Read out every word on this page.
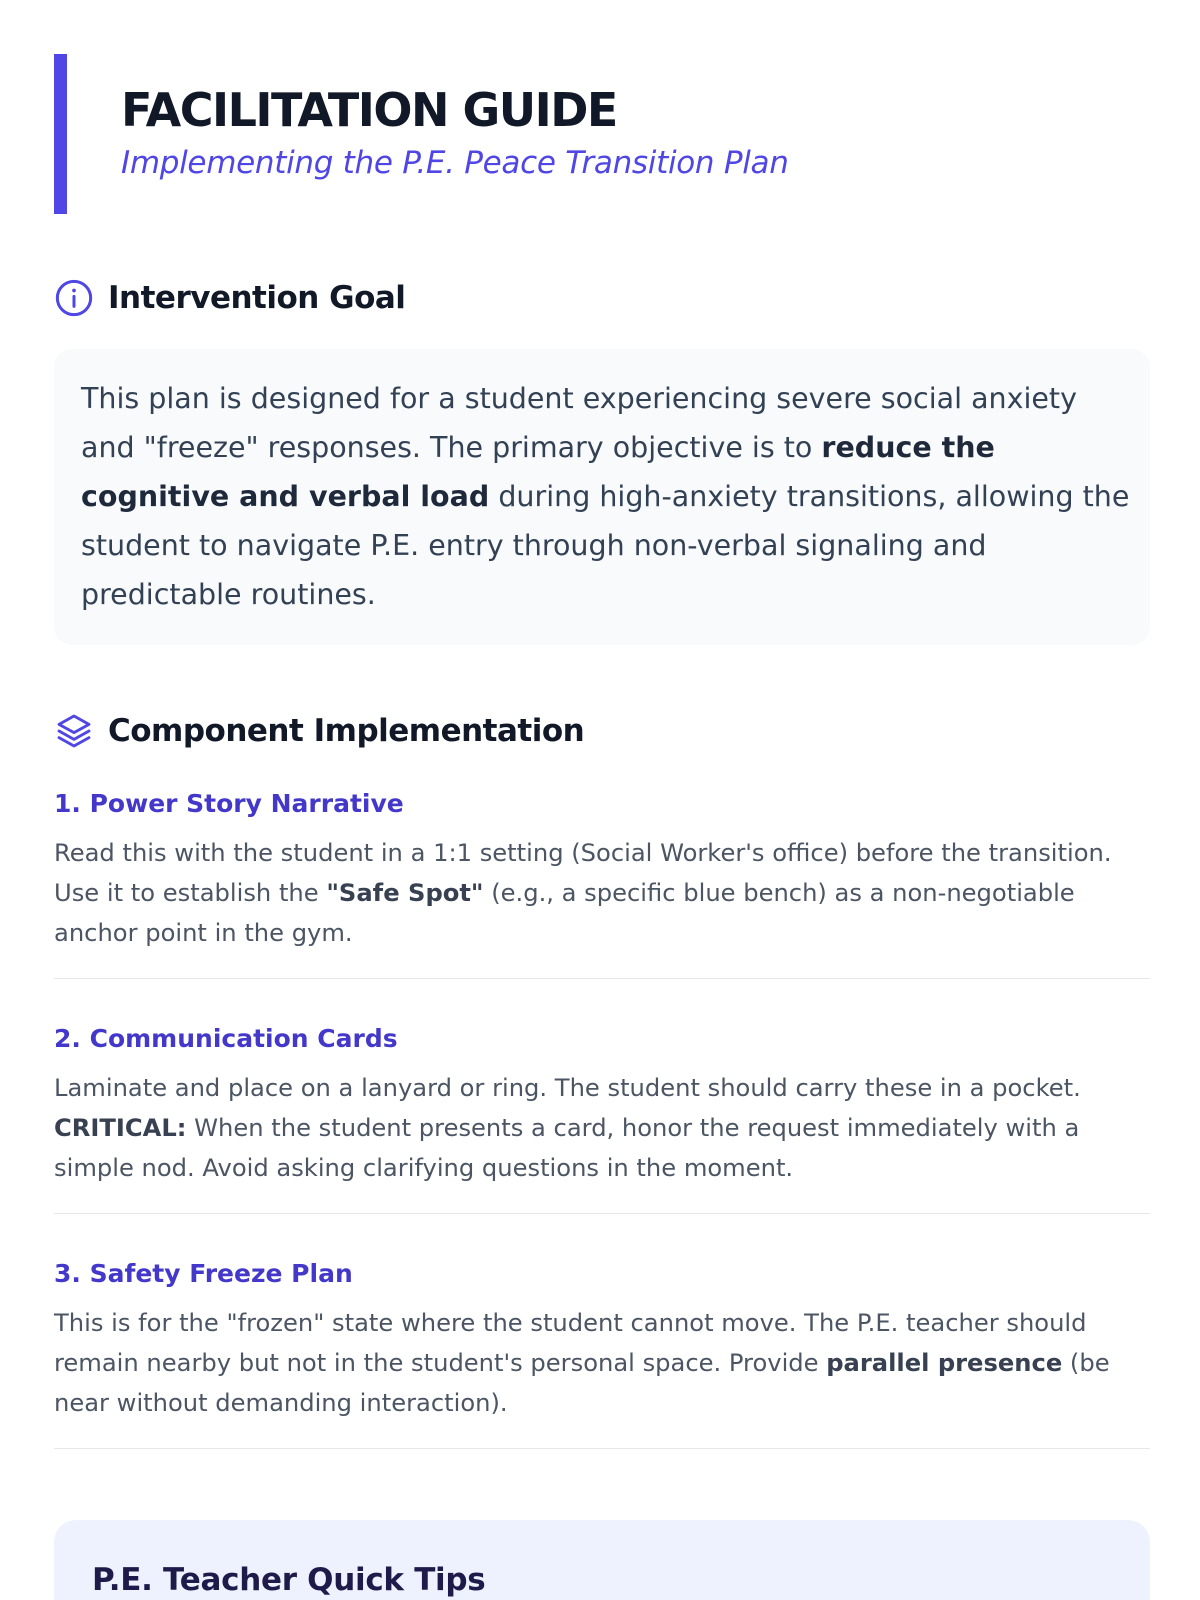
FACILITATION GUIDE
Implementing the P.E. Peace Transition Plan
Intervention Goal
This plan is designed for a student experiencing severe social anxiety and "freeze" responses. The primary objective is to reduce the cognitive and verbal load during high-anxiety transitions, allowing the student to navigate P.E. entry through non-verbal signaling and predictable routines.
Component Implementation
1. Power Story Narrative

Read this with the student in a 1:1 setting (Social Worker's office) before the transition. Use it to establish the "Safe Spot" (e.g., a specific blue bench) as a non-negotiable anchor point in the gym.

2. Communication Cards

Laminate and place on a lanyard or ring. The student should carry these in a pocket. CRITICAL: When the student presents a card, honor the request immediately with a simple nod. Avoid asking clarifying questions in the moment.

3. Safety Freeze Plan

This is for the "frozen" state where the student cannot move. The P.E. teacher should remain nearby but not in the student's personal space. Provide parallel presence (be near without demanding interaction).

P.E. Teacher Quick Tips
